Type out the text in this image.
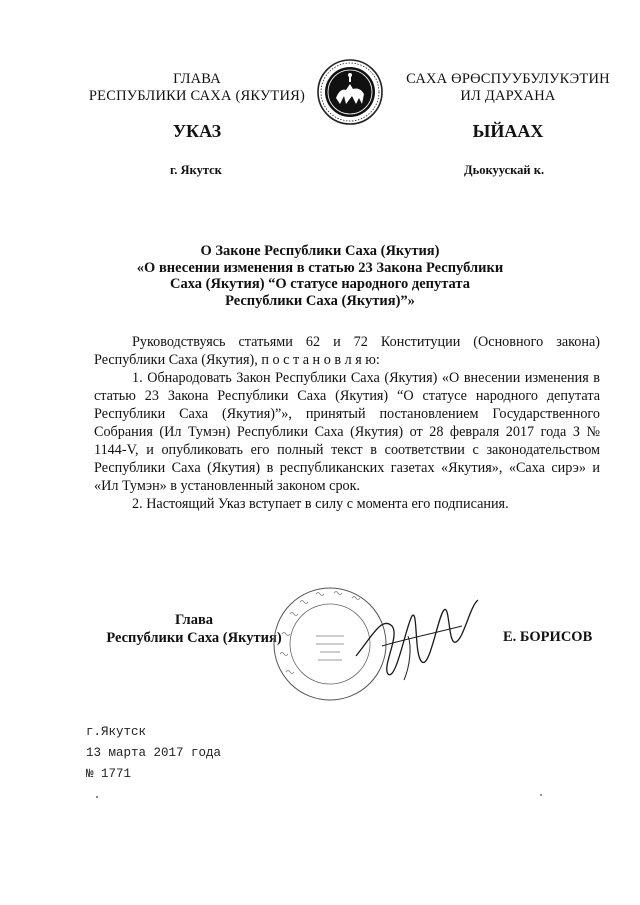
ГЛАВА
РЕСПУБЛИКИ САХА (ЯКУТИЯ)
САХА ӨРӨСПУУБУЛУКЭТИН
ИЛ ДАРХАНА
УКАЗ	ЫЙААХ
г. Якутск	Дьокуускай к.
О Законе Республики Саха (Якутия)
«О внесении изменения в статью 23 Закона Республики
Саха (Якутия) “О статусе народного депутата
Республики Саха (Якутия)”»

Руководствуясь статьями 62 и 72 Конституции (Основного закона) Республики Саха (Якутия), п о с т а н о в л я ю:

1. Обнародовать Закон Республики Саха (Якутия) «О внесении изменения в статью 23 Закона Республики Саха (Якутия) “О статусе народного депутата Республики Саха (Якутия)”», принятый постановлением Государственного Собрания (Ил Тумэн) Республики Саха (Якутия) от 28 февраля 2017 года З № 1144-V, и опубликовать его полный текст в соответствии с законодательством Республики Саха (Якутия) в республиканских газетах «Якутия», «Саха сирэ» и «Ил Тумэн» в установленный законом срок.

2. Настоящий Указ вступает в силу с момента его подписания.

Глава
Республики Саха (Якутия)	Е. БОРИСОВ
г.Якутск
13 марта 2017 года
№ 1771
